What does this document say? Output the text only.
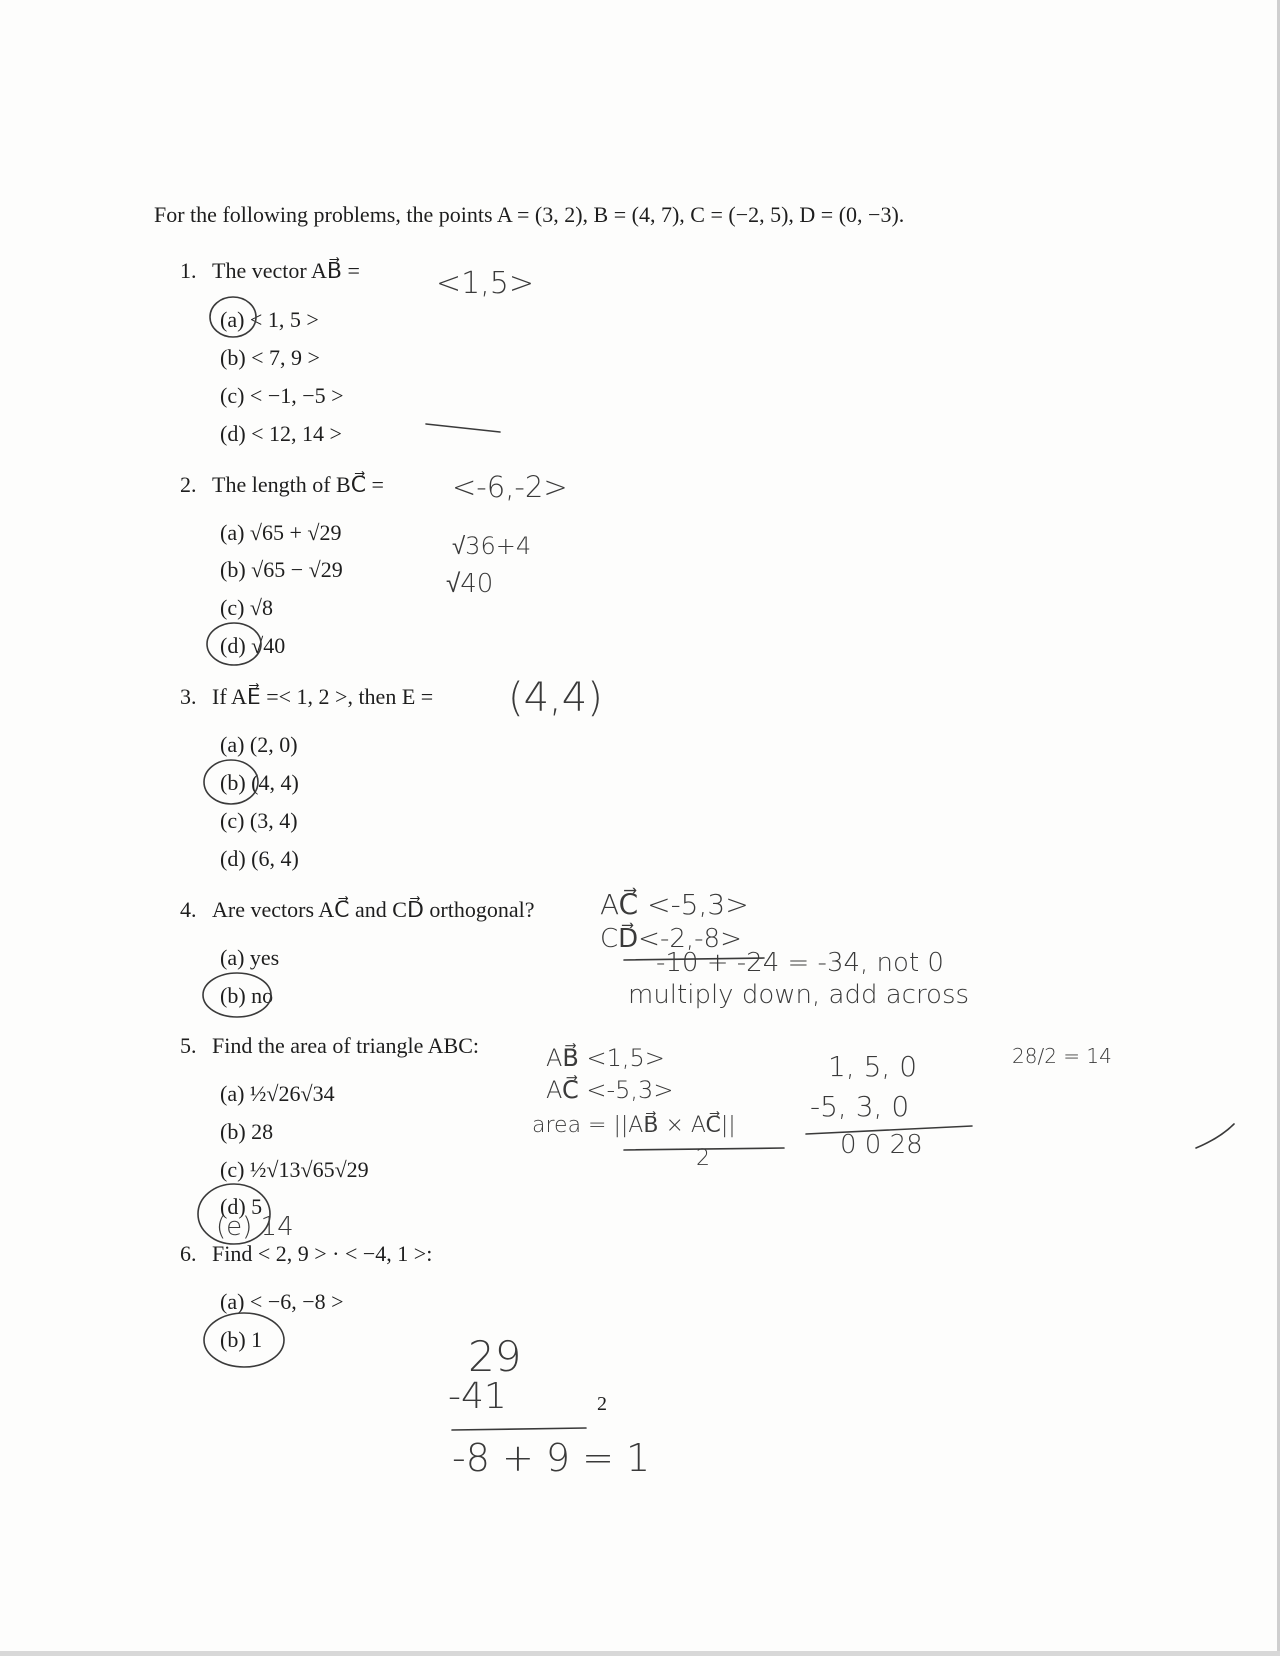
For the following problems, the points A = (3, 2), B = (4, 7), C = (−2, 5), D = (0, −3).
1. The vector AB⃗ =
(a) < 1, 5 >
(b) < 7, 9 >
(c) < −1, −5 >
(d) < 12, 14 >
2. The length of BC⃗ =
(a) √65 + √29
(b) √65 − √29
(c) √8
(d) √40
3. If AE⃗ =< 1, 2 >, then E =
(a) (2, 0)
(b) (4, 4)
(c) (3, 4)
(d) (6, 4)
4. Are vectors AC⃗ and CD⃗ orthogonal?
(a) yes
(b) no
5. Find the area of triangle ABC:
(a) ½√26√34
(b) 28
(c) ½√13√65√29
(d) 5
6. Find < 2, 9 > · < −4, 1 >:
(a) < −6, −8 >
(b) 1
2
<1,5>
<-6,-2>
√36+4
√40
(4,4)
AC⃗ <-5,3>
CD⃗<-2,-8>
-10 + -24 = -34, not 0
multiply down, add across
AB⃗ <1,5>
AC⃗ <-5,3>
area = ||AB⃗ × AC⃗||
2
1, 5, 0
-5, 3, 0
0 0 28
28/2 = 14
(e) 14
29
-41
-8 + 9 = 1
